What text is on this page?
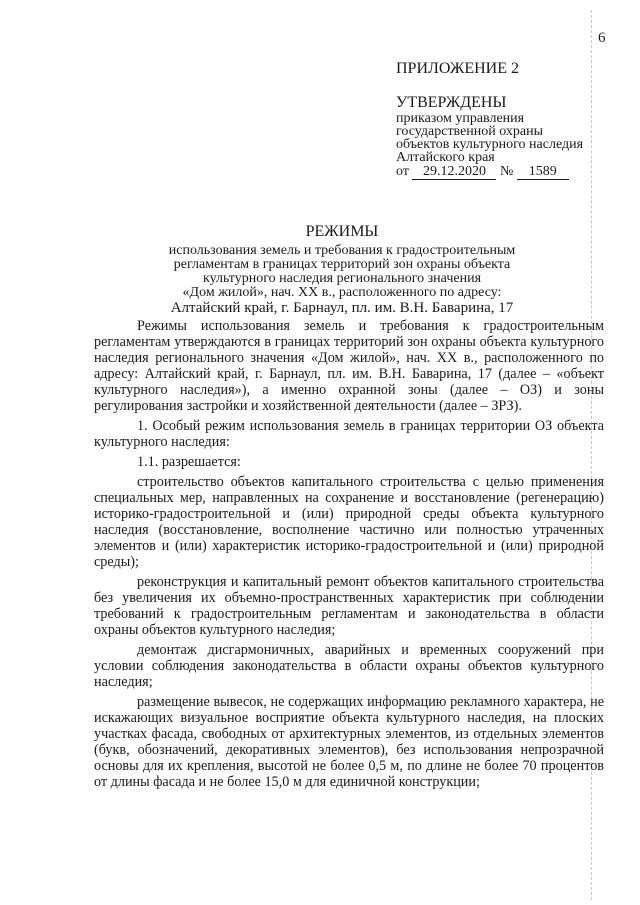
6

ПРИЛОЖЕНИЕ 2

УТВЕРЖДЕНЫ

приказом управления

государственной охраны

объектов культурного наследия

Алтайского края

от 29.12.2020 № 1589

РЕЖИМЫ

использования земель и требования к градостроительным

регламентам в границах территорий зон охраны объекта

культурного наследия регионального значения

«Дом жилой», нач. XX в., расположенного по адресу:

Алтайский край, г. Барнаул, пл. им. В.Н. Баварина, 17

Режимы использования земель и требования к градостроительным регламентам утверждаются в границах территорий зон охраны объекта культурного наследия регионального значения «Дом жилой», нач. XX в., расположенного по адресу: Алтайский край, г. Барнаул, пл. им. В.Н. Баварина, 17 (далее – «объект культурного наследия»), а именно охранной зоны (далее – ОЗ) и зоны регулирования застройки и хозяйственной деятельности (далее – ЗРЗ).

1. Особый режим использования земель в границах территории ОЗ объекта культурного наследия:

1.1. разрешается:

строительство объектов капитального строительства с целью применения специальных мер, направленных на сохранение и восстановление (регенерацию) историко-градостроительной и (или) природной среды объекта культурного наследия (восстановление, восполнение частично или полностью утраченных элементов и (или) характеристик историко-градостроительной и (или) природной среды);

реконструкция и капитальный ремонт объектов капитального строительства без увеличения их объемно-пространственных характеристик при соблюдении требований к градостроительным регламентам и законодательства в области охраны объектов культурного наследия;

демонтаж дисгармоничных, аварийных и временных сооружений при условии соблюдения законодательства в области охраны объектов культурного наследия;

размещение вывесок, не содержащих информацию рекламного характера, не искажающих визуальное восприятие объекта культурного наследия, на плоских участках фасада, свободных от архитектурных элементов, из отдельных элементов (букв, обозначений, декоративных элементов), без использования непрозрачной основы для их крепления, высотой не более 0,5 м, по длине не более 70 процентов от длины фасада и не более 15,0 м для единичной конструкции;
